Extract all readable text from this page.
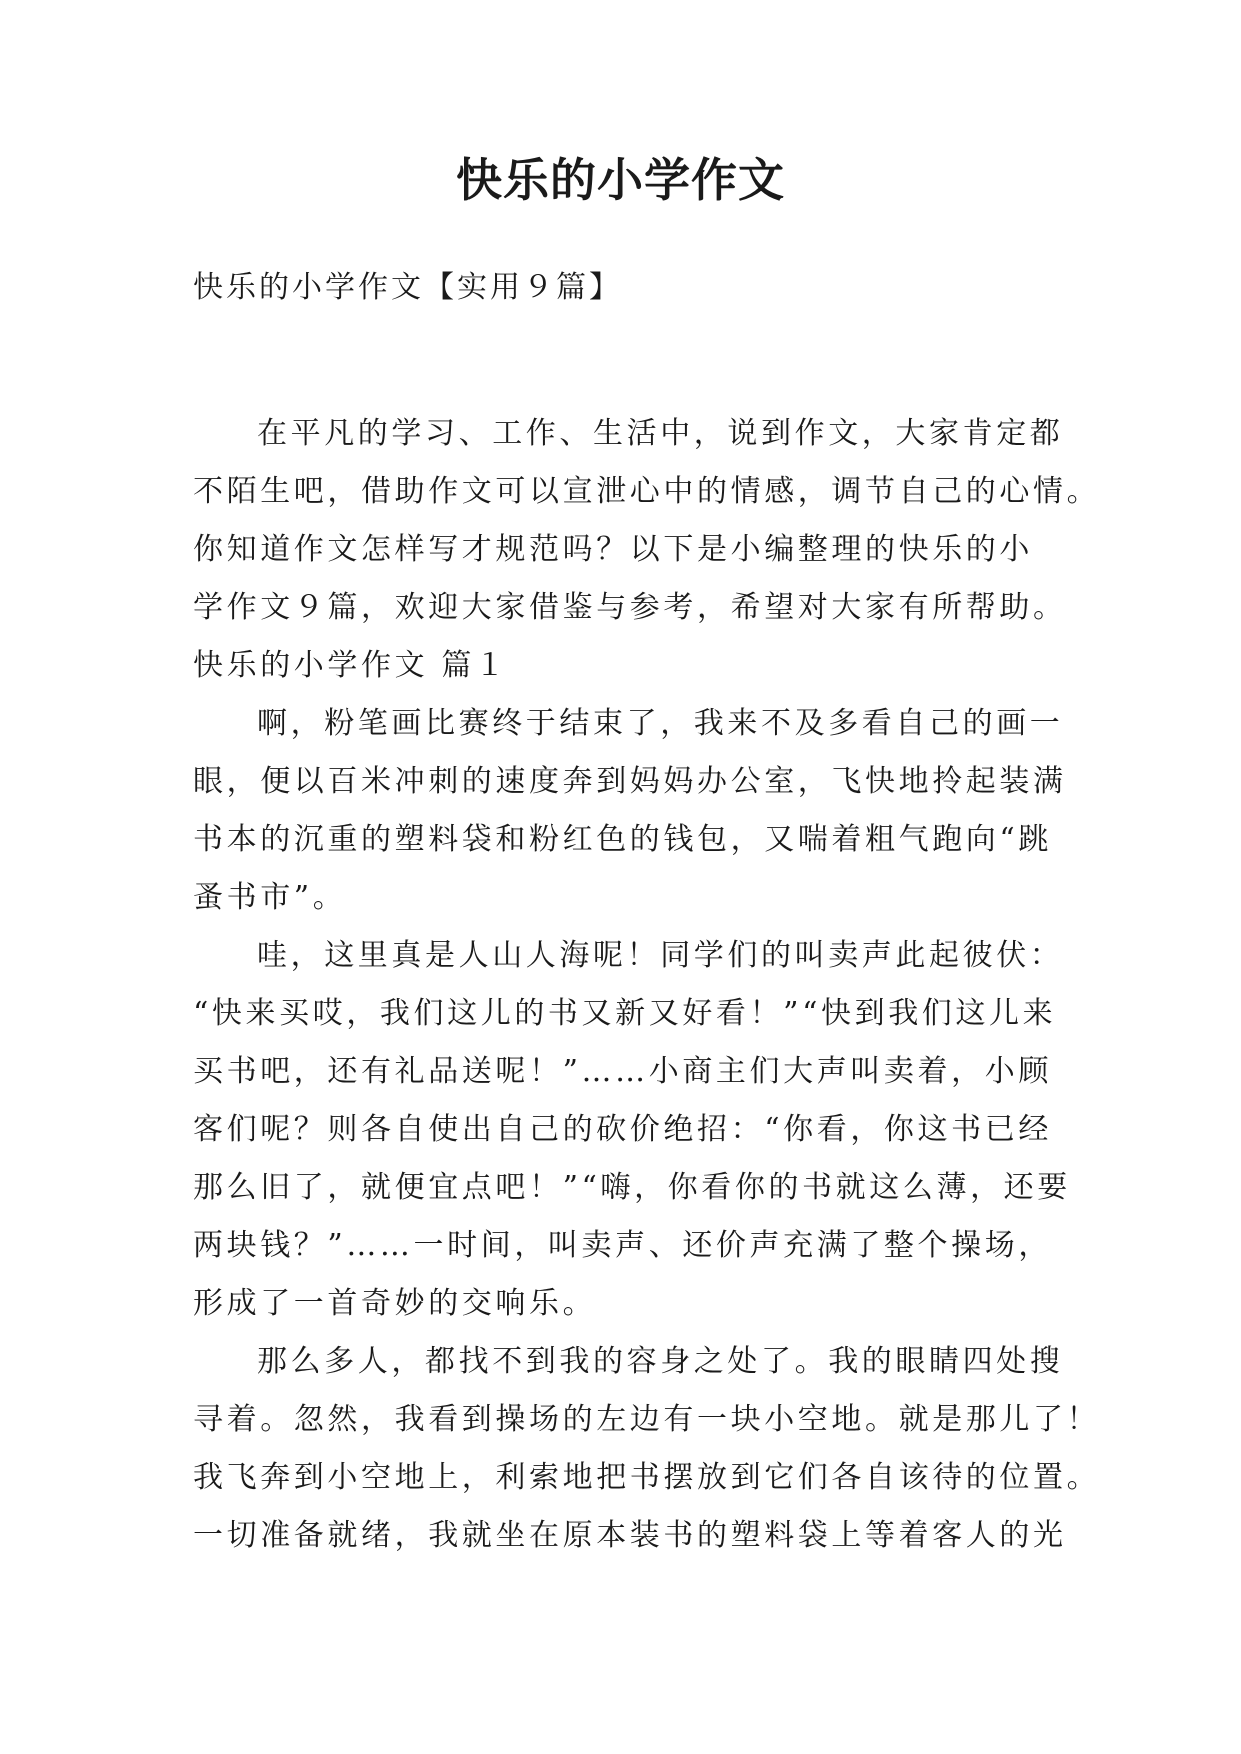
快乐的小学作文
快乐的小学作文【实用９篇】
在平凡的学习、工作、生活中，说到作文，大家肯定都
不陌生吧，借助作文可以宣泄心中的情感，调节自己的心情。
你知道作文怎样写才规范吗？以下是小编整理的快乐的小
学作文９篇，欢迎大家借鉴与参考，希望对大家有所帮助。
快乐的小学作文 篇１
啊，粉笔画比赛终于结束了，我来不及多看自己的画一
眼，便以百米冲刺的速度奔到妈妈办公室，飞快地拎起装满
书本的沉重的塑料袋和粉红色的钱包，又喘着粗气跑向“跳
蚤书市”。
哇，这里真是人山人海呢！同学们的叫卖声此起彼伏：
“快来买哎，我们这儿的书又新又好看！”“快到我们这儿来
买书吧，还有礼品送呢！”……小商主们大声叫卖着，小顾
客们呢？则各自使出自己的砍价绝招：“你看，你这书已经
那么旧了，就便宜点吧！”“嗨，你看你的书就这么薄，还要
两块钱？”……一时间，叫卖声、还价声充满了整个操场，
形成了一首奇妙的交响乐。
那么多人，都找不到我的容身之处了。我的眼睛四处搜
寻着。忽然，我看到操场的左边有一块小空地。就是那儿了！
我飞奔到小空地上，利索地把书摆放到它们各自该待的位置。
一切准备就绪，我就坐在原本装书的塑料袋上等着客人的光
